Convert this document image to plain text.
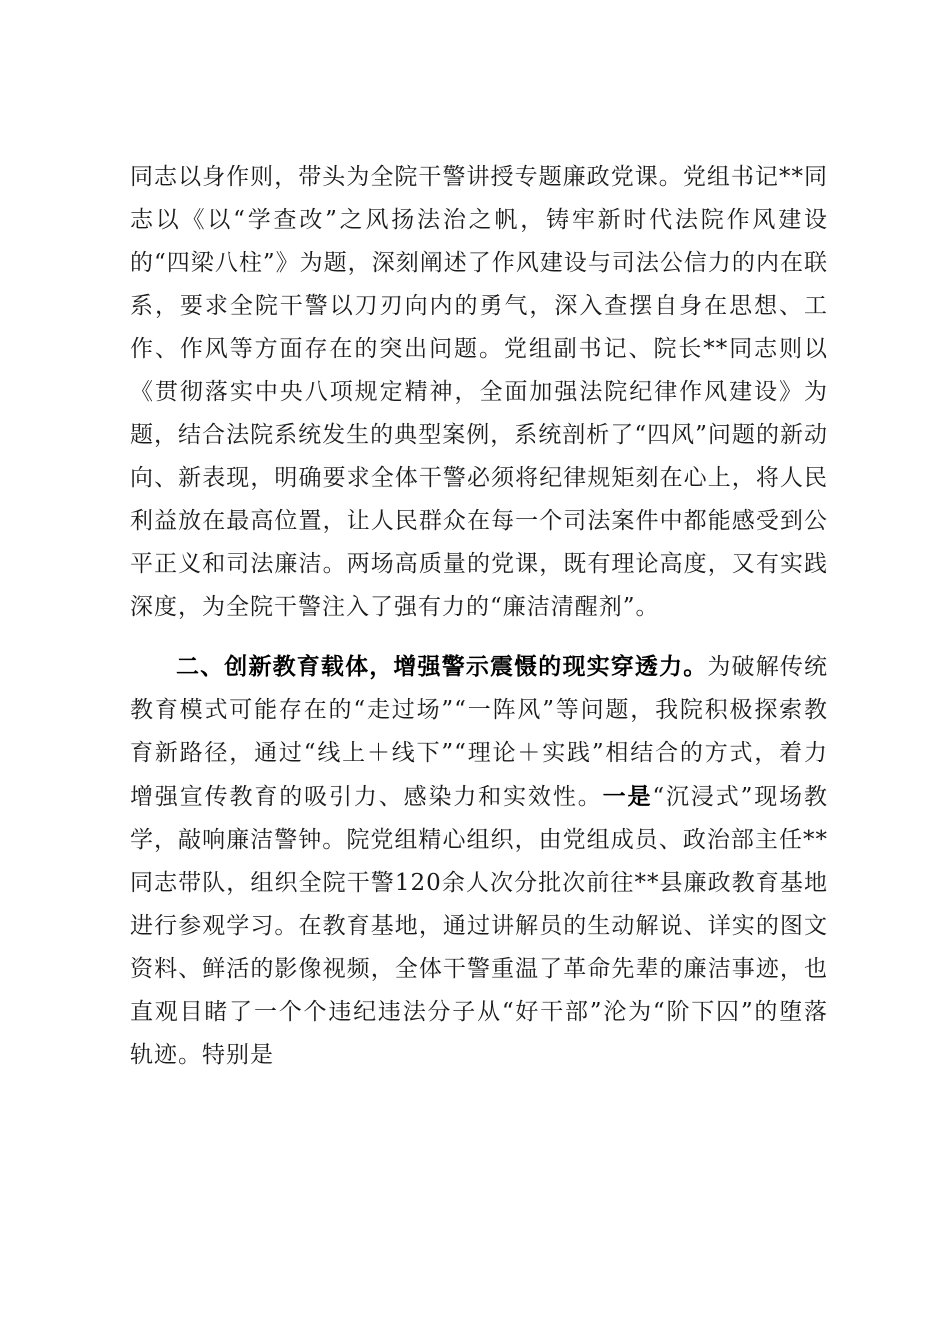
同志以身作则，带头为全院干警讲授专题廉政党课。党组书记**同志以《以“学查改”之风扬法治之帆，铸牢新时代法院作风建设的“四梁八柱”》为题，深刻阐述了作风建设与司法公信力的内在联系，要求全院干警以刀刃向内的勇气，深入查摆自身在思想、工作、作风等方面存在的突出问题。党组副书记、院长**同志则以《贯彻落实中央八项规定精神，全面加强法院纪律作风建设》为题，结合法院系统发生的典型案例，系统剖析了“四风”问题的新动向、新表现，明确要求全体干警必须将纪律规矩刻在心上，将人民利益放在最高位置，让人民群众在每一个司法案件中都能感受到公平正义和司法廉洁。两场高质量的党课，既有理论高度，又有实践深度，为全院干警注入了强有力的“廉洁清醒剂”。

二、创新教育载体，增强警示震慑的现实穿透力。为破解传统教育模式可能存在的“走过场”“一阵风”等问题，我院积极探索教育新路径，通过“线上＋线下”“理论＋实践”相结合的方式，着力增强宣传教育的吸引力、感染力和实效性。一是“沉浸式”现场教学，敲响廉洁警钟。院党组精心组织，由党组成员、政治部主任**同志带队，组织全院干警120余人次分批次前往**县廉政教育基地进行参观学习。在教育基地，通过讲解员的生动解说、详实的图文资料、鲜活的影像视频，全体干警重温了革命先辈的廉洁事迹，也直观目睹了一个个违纪违法分子从“好干部”沦为“阶下囚”的堕落轨迹。特别是
